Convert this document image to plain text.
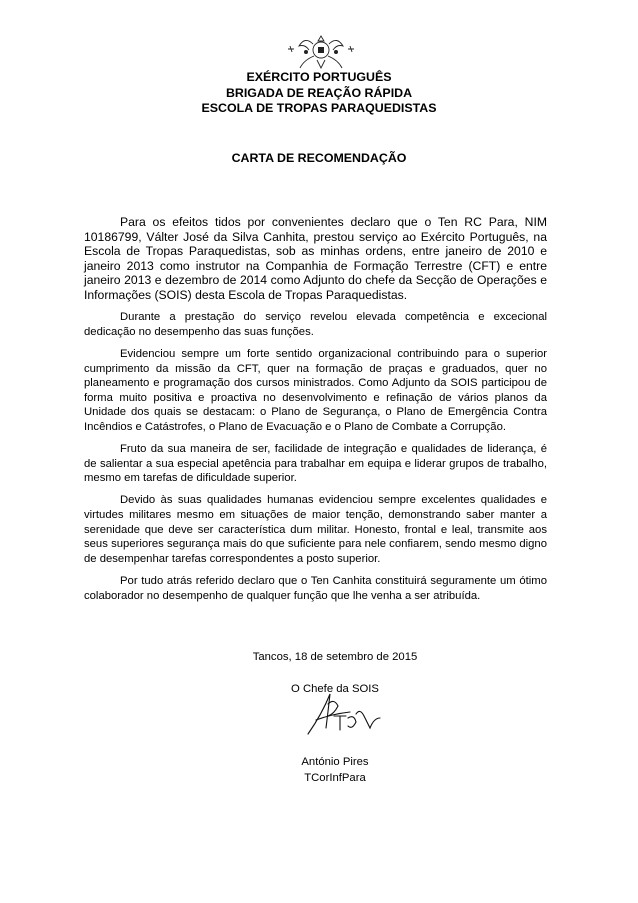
EXÉRCITO PORTUGUÊS
BRIGADA DE REAÇÃO RÁPIDA
ESCOLA DE TROPAS PARAQUEDISTAS
CARTA DE RECOMENDAÇÃO

Para os efeitos tidos por convenientes declaro que o Ten RC Para, NIM 10186799, Válter José da Silva Canhita, prestou serviço ao Exército Português, na Escola de Tropas Paraquedistas, sob as minhas ordens, entre janeiro de 2010 e janeiro 2013 como instrutor na Companhia de Formação Terrestre (CFT) e entre janeiro 2013 e dezembro de 2014 como Adjunto do chefe da Secção de Operações e Informações (SOIS) desta Escola de Tropas Paraquedistas.

Durante a prestação do serviço revelou elevada competência e excecional dedicação no desempenho das suas funções.

Evidenciou sempre um forte sentido organizacional contribuindo para o superior cumprimento da missão da CFT, quer na formação de praças e graduados, quer no planeamento e programação dos cursos ministrados. Como Adjunto da SOIS participou de forma muito positiva e proactiva no desenvolvimento e refinação de vários planos da Unidade dos quais se destacam: o Plano de Segurança, o Plano de Emergência Contra Incêndios e Catástrofes, o Plano de Evacuação e o Plano de Combate a Corrupção.

Fruto da sua maneira de ser, facilidade de integração e qualidades de liderança, é de salientar a sua especial apetência para trabalhar em equipa e liderar grupos de trabalho, mesmo em tarefas de dificuldade superior.

Devido às suas qualidades humanas evidenciou sempre excelentes qualidades e virtudes militares mesmo em situações de maior tenção, demonstrando saber manter a serenidade que deve ser característica dum militar. Honesto, frontal e leal, transmite aos seus superiores segurança mais do que suficiente para nele confiarem, sendo mesmo digno de desempenhar tarefas correspondentes a posto superior.

Por tudo atrás referido declaro que o Ten Canhita constituirá seguramente um ótimo colaborador no desempenho de qualquer função que lhe venha a ser atribuída.

Tancos, 18 de setembro de 2015
O Chefe da SOIS
António Pires
TCorInfPara
